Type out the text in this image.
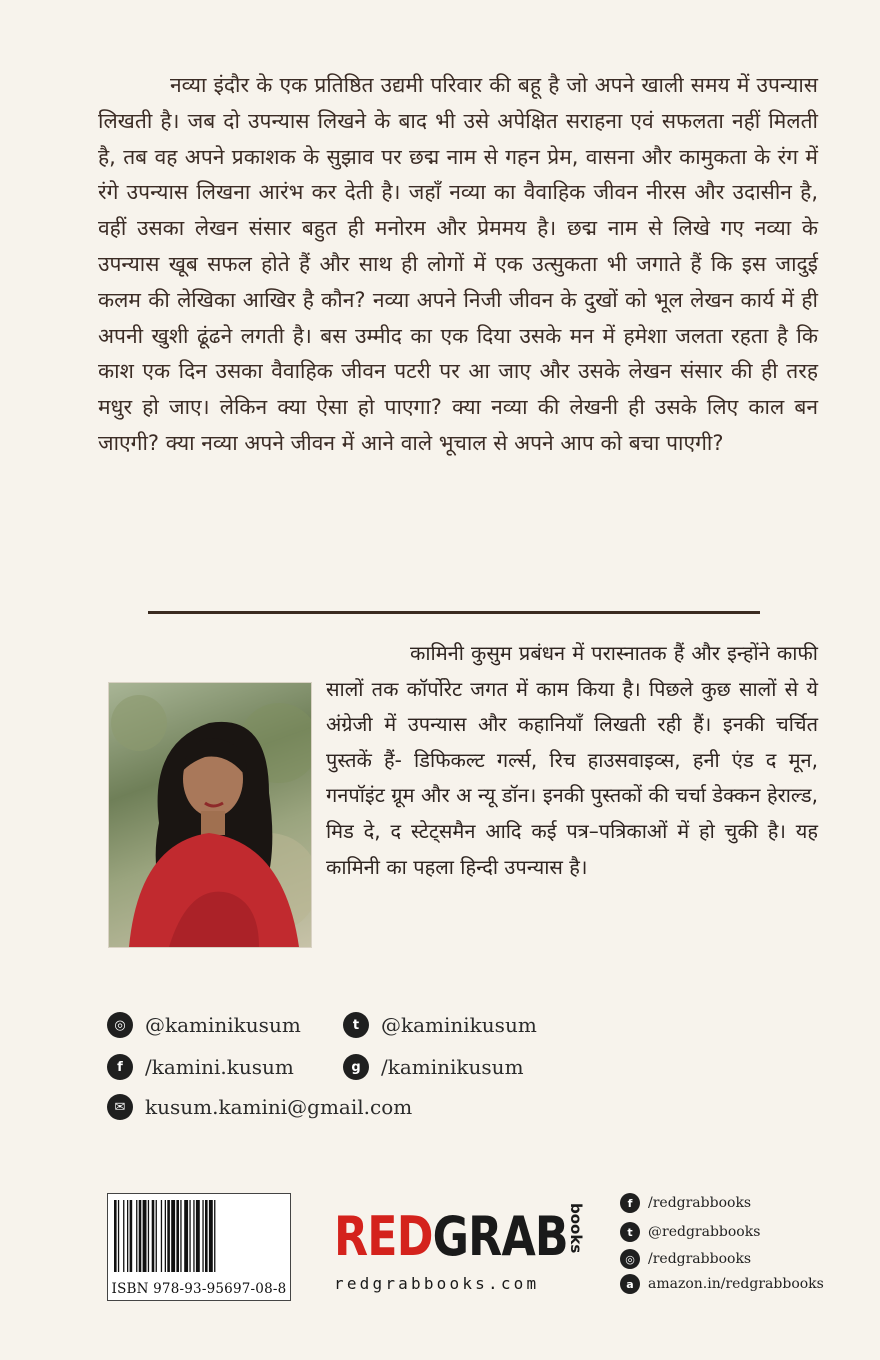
नव्या इंदौर के एक प्रतिष्ठित उद्यमी परिवार की बहू है जो अपने खाली समय में उपन्यास लिखती है। जब दो उपन्यास लिखने के बाद भी उसे अपेक्षित सराहना एवं सफलता नहीं मिलती है, तब वह अपने प्रकाशक के सुझाव पर छद्म नाम से गहन प्रेम, वासना और कामुकता के रंग में रंगे उपन्यास लिखना आरंभ कर देती है। जहाँ नव्या का वैवाहिक जीवन नीरस और उदासीन है, वहीं उसका लेखन संसार बहुत ही मनोरम और प्रेममय है। छद्म नाम से लिखे गए नव्या के उपन्यास खूब सफल होते हैं और साथ ही लोगों में एक उत्सुकता भी जगाते हैं कि इस जादुई कलम की लेखिका आखिर है कौन? नव्या अपने निजी जीवन के दुखों को भूल लेखन कार्य में ही अपनी खुशी ढूंढने लगती है। बस उम्मीद का एक दिया उसके मन में हमेशा जलता रहता है कि काश एक दिन उसका वैवाहिक जीवन पटरी पर आ जाए और उसके लेखन संसार की ही तरह मधुर हो जाए। लेकिन क्या ऐसा हो पाएगा? क्या नव्या की लेखनी ही उसके लिए काल बन जाएगी? क्या नव्या अपने जीवन में आने वाले भूचाल से अपने आप को बचा पाएगी?

कामिनी कुसुम प्रबंधन में परास्नातक हैं और इन्होंने काफी सालों तक कॉर्पोरेट जगत में काम किया है। पिछले कुछ सालों से ये अंग्रेजी में उपन्यास और कहानियाँ लिखती रही हैं। इनकी चर्चित पुस्तकें हैं- डिफिकल्ट गर्ल्स, रिच हाउसवाइव्स, हनी एंड द मून, गनपॉइंट ग्रूम और अ न्यू डॉन। इनकी पुस्तकों की चर्चा डेक्कन हेराल्ड, मिड दे, द स्टेट्समैन आदि कई पत्र–पत्रिकाओं में हो चुकी है। यह कामिनी का पहला हिन्दी उपन्यास है।

◎ @kaminikusum	t	@kaminikusum
f	/kamini.kusum	g	/kaminikusum
✉ kusum.kamini@gmail.com
ISBN 978-93-95697-08-8
REDGRAB books
redgrabbooks.com
f	/redgrabbooks
t	@redgrabbooks
◎ /redgrabbooks
a	amazon.in/redgrabbooks
